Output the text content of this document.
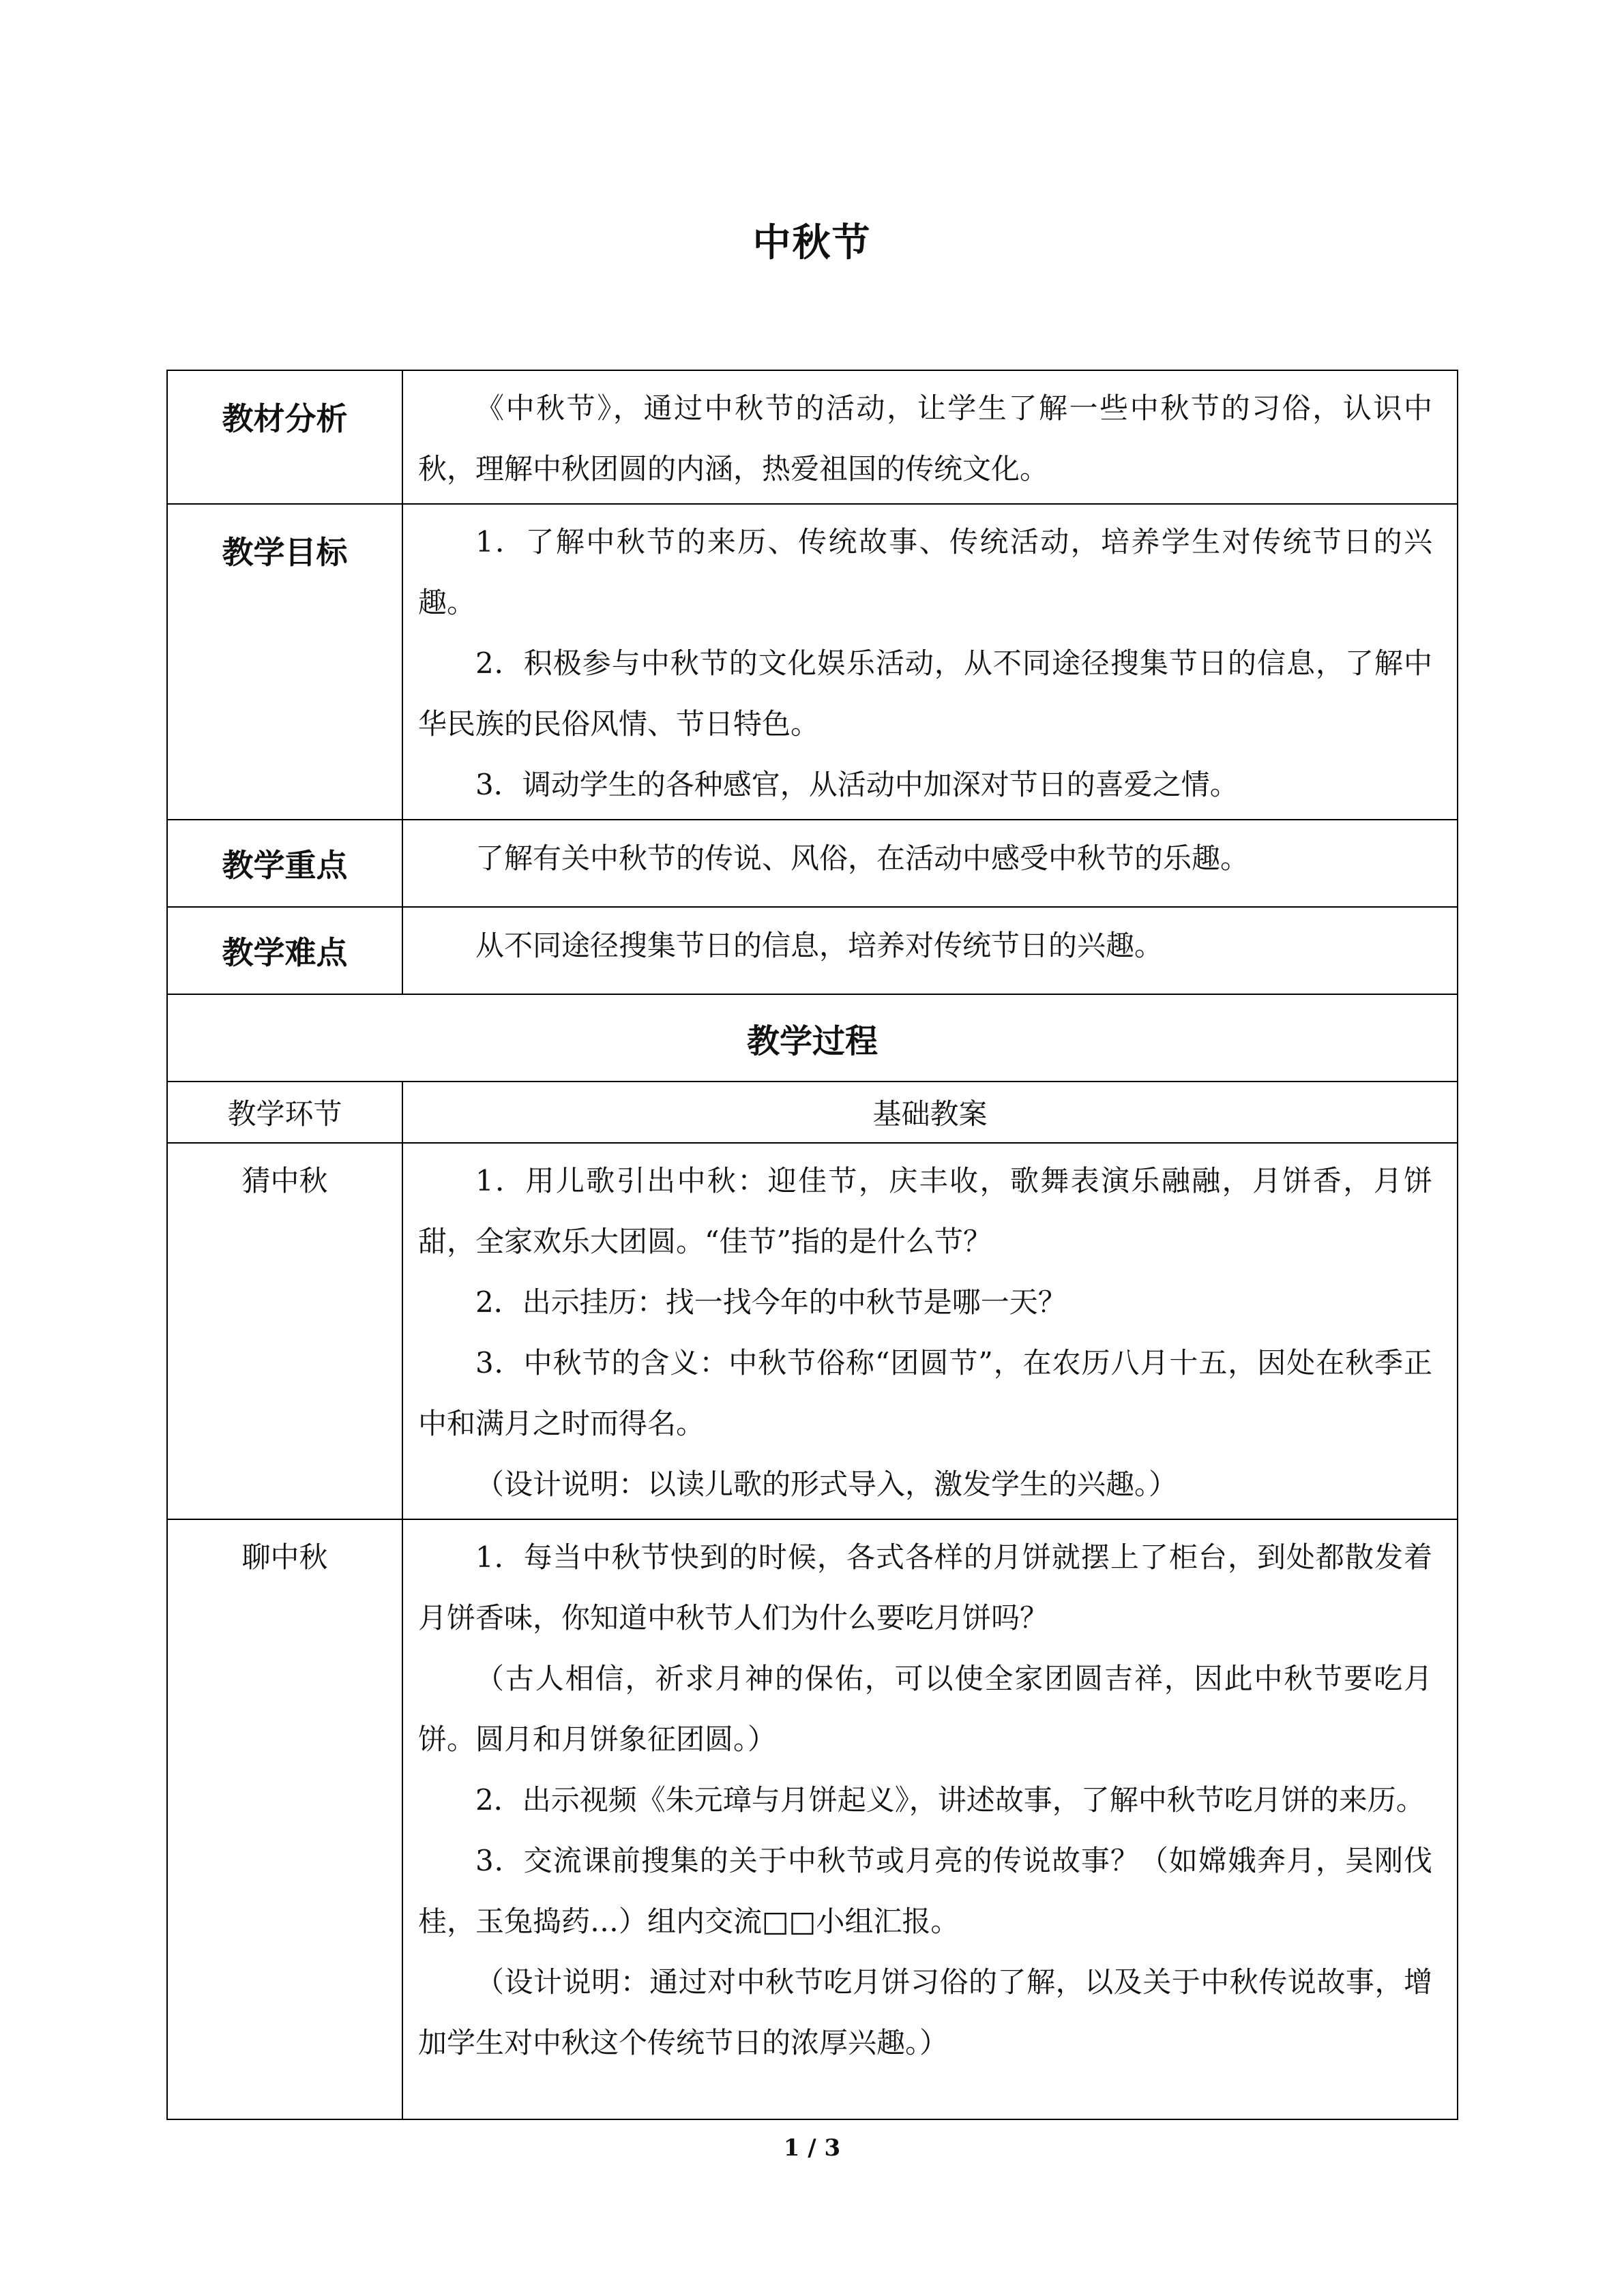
中秋节
教材分析	《中秋节》，通过中秋节的活动，让学生了解一些中秋节的习俗，认识中秋，理解中秋团圆的内涵，热爱祖国的传统文化。

教学目标	1．了解中秋节的来历、传统故事、传统活动，培养学生对传统节日的兴趣。

2．积极参与中秋节的文化娱乐活动，从不同途径搜集节日的信息，了解中华民族的民俗风情、节日特色。

3．调动学生的各种感官，从活动中加深对节日的喜爱之情。

教学重点	了解有关中秋节的传说、风俗，在活动中感受中秋节的乐趣。

教学难点	从不同途径搜集节日的信息，培养对传统节日的兴趣。

教学过程	
教学环节	基础教案
猜中秋	1．用儿歌引出中秋：迎佳节，庆丰收，歌舞表演乐融融，月饼香，月饼甜，全家欢乐大团圆。“佳节”指的是什么节？

2．出示挂历：找一找今年的中秋节是哪一天？

3．中秋节的含义：中秋节俗称“团圆节”，在农历八月十五，因处在秋季正中和满月之时而得名。

（设计说明：以读儿歌的形式导入，激发学生的兴趣。）

聊中秋	1．每当中秋节快到的时候，各式各样的月饼就摆上了柜台，到处都散发着月饼香味，你知道中秋节人们为什么要吃月饼吗？

（古人相信，祈求月神的保佑，可以使全家团圆吉祥，因此中秋节要吃月饼。圆月和月饼象征团圆。）

2．出示视频《朱元璋与月饼起义》，讲述故事，了解中秋节吃月饼的来历。

3．交流课前搜集的关于中秋节或月亮的传说故事？（如嫦娥奔月，吴刚伐桂，玉兔捣药…）组内交流□□小组汇报。

（设计说明：通过对中秋节吃月饼习俗的了解，以及关于中秋传说故事，增加学生对中秋这个传统节日的浓厚兴趣。）

1 / 3
